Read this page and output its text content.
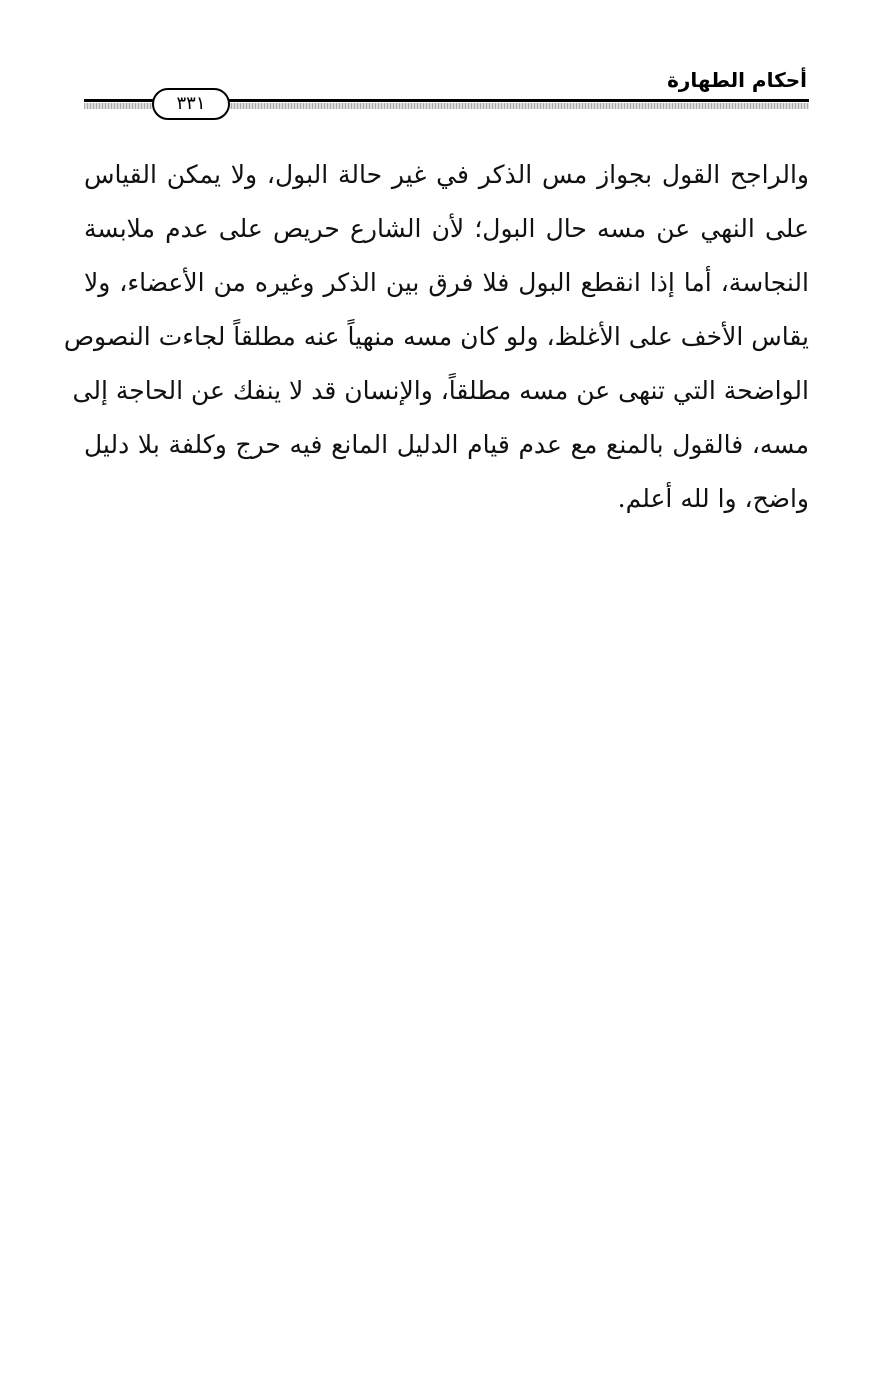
أحكام الطهارة
٣٣١
والراجح القول بجواز مس الذكر في غير حالة البول، ولا يمكن القياس
على النهي عن مسه حال البول؛ لأن الشارع حريص على عدم ملابسة
النجاسة، أما إذا انقطع البول فلا فرق بين الذكر وغيره من الأعضاء، ولا
يقاس الأخف على الأغلظ، ولو كان مسه منهياً عنه مطلقاً لجاءت النصوص
الواضحة التي تنهى عن مسه مطلقاً، والإنسان قد لا ينفك عن الحاجة إلى
مسه، فالقول بالمنع مع عدم قيام الدليل المانع فيه حرج وكلفة بلا دليل
واضح، وا لله أعلم.
